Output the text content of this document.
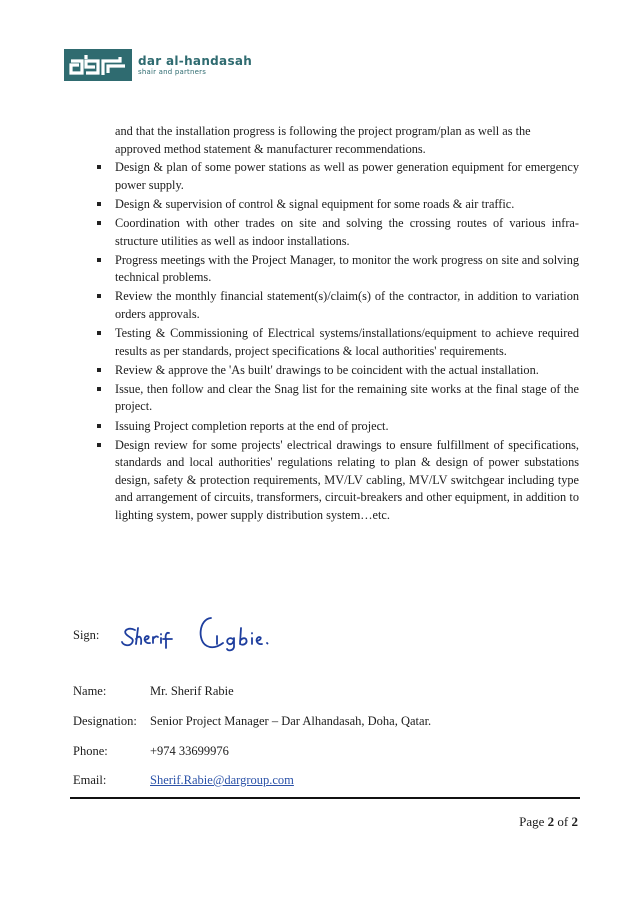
dar al-handasah
shair and partners

and that the installation progress is following the project program/plan as well as the approved method statement & manufacturer recommendations.

Design & plan of some power stations as well as power generation equipment for emergency power supply.
Design & supervision of control & signal equipment for some roads & air traffic.
Coordination with other trades on site and solving the crossing routes of various infra-structure utilities as well as indoor installations.
Progress meetings with the Project Manager, to monitor the work progress on site and solving technical problems.
Review the monthly financial statement(s)/claim(s) of the contractor, in addition to variation orders approvals.
Testing & Commissioning of Electrical systems/installations/equipment to achieve required results as per standards, project specifications & local authorities' requirements.
Review & approve the 'As built' drawings to be coincident with the actual installation.
Issue, then follow and clear the Snag list for the remaining site works at the final stage of the project.
Issuing Project completion reports at the end of project.
Design review for some projects' electrical drawings to ensure fulfillment of specifications, standards and local authorities' regulations relating to plan & design of power substations design, safety & protection requirements, MV/LV cabling, MV/LV switchgear including type and arrangement of circuits, transformers, circuit-breakers and other equipment, in addition to lighting system, power supply distribution system…etc.
Sign:
Name:	Mr. Sherif Rabie
Designation: Senior Project Manager – Dar Alhandasah, Doha, Qatar.
Phone:	+974 33699976
Email:	Sherif.Rabie@dargroup.com
Page 2 of 2
